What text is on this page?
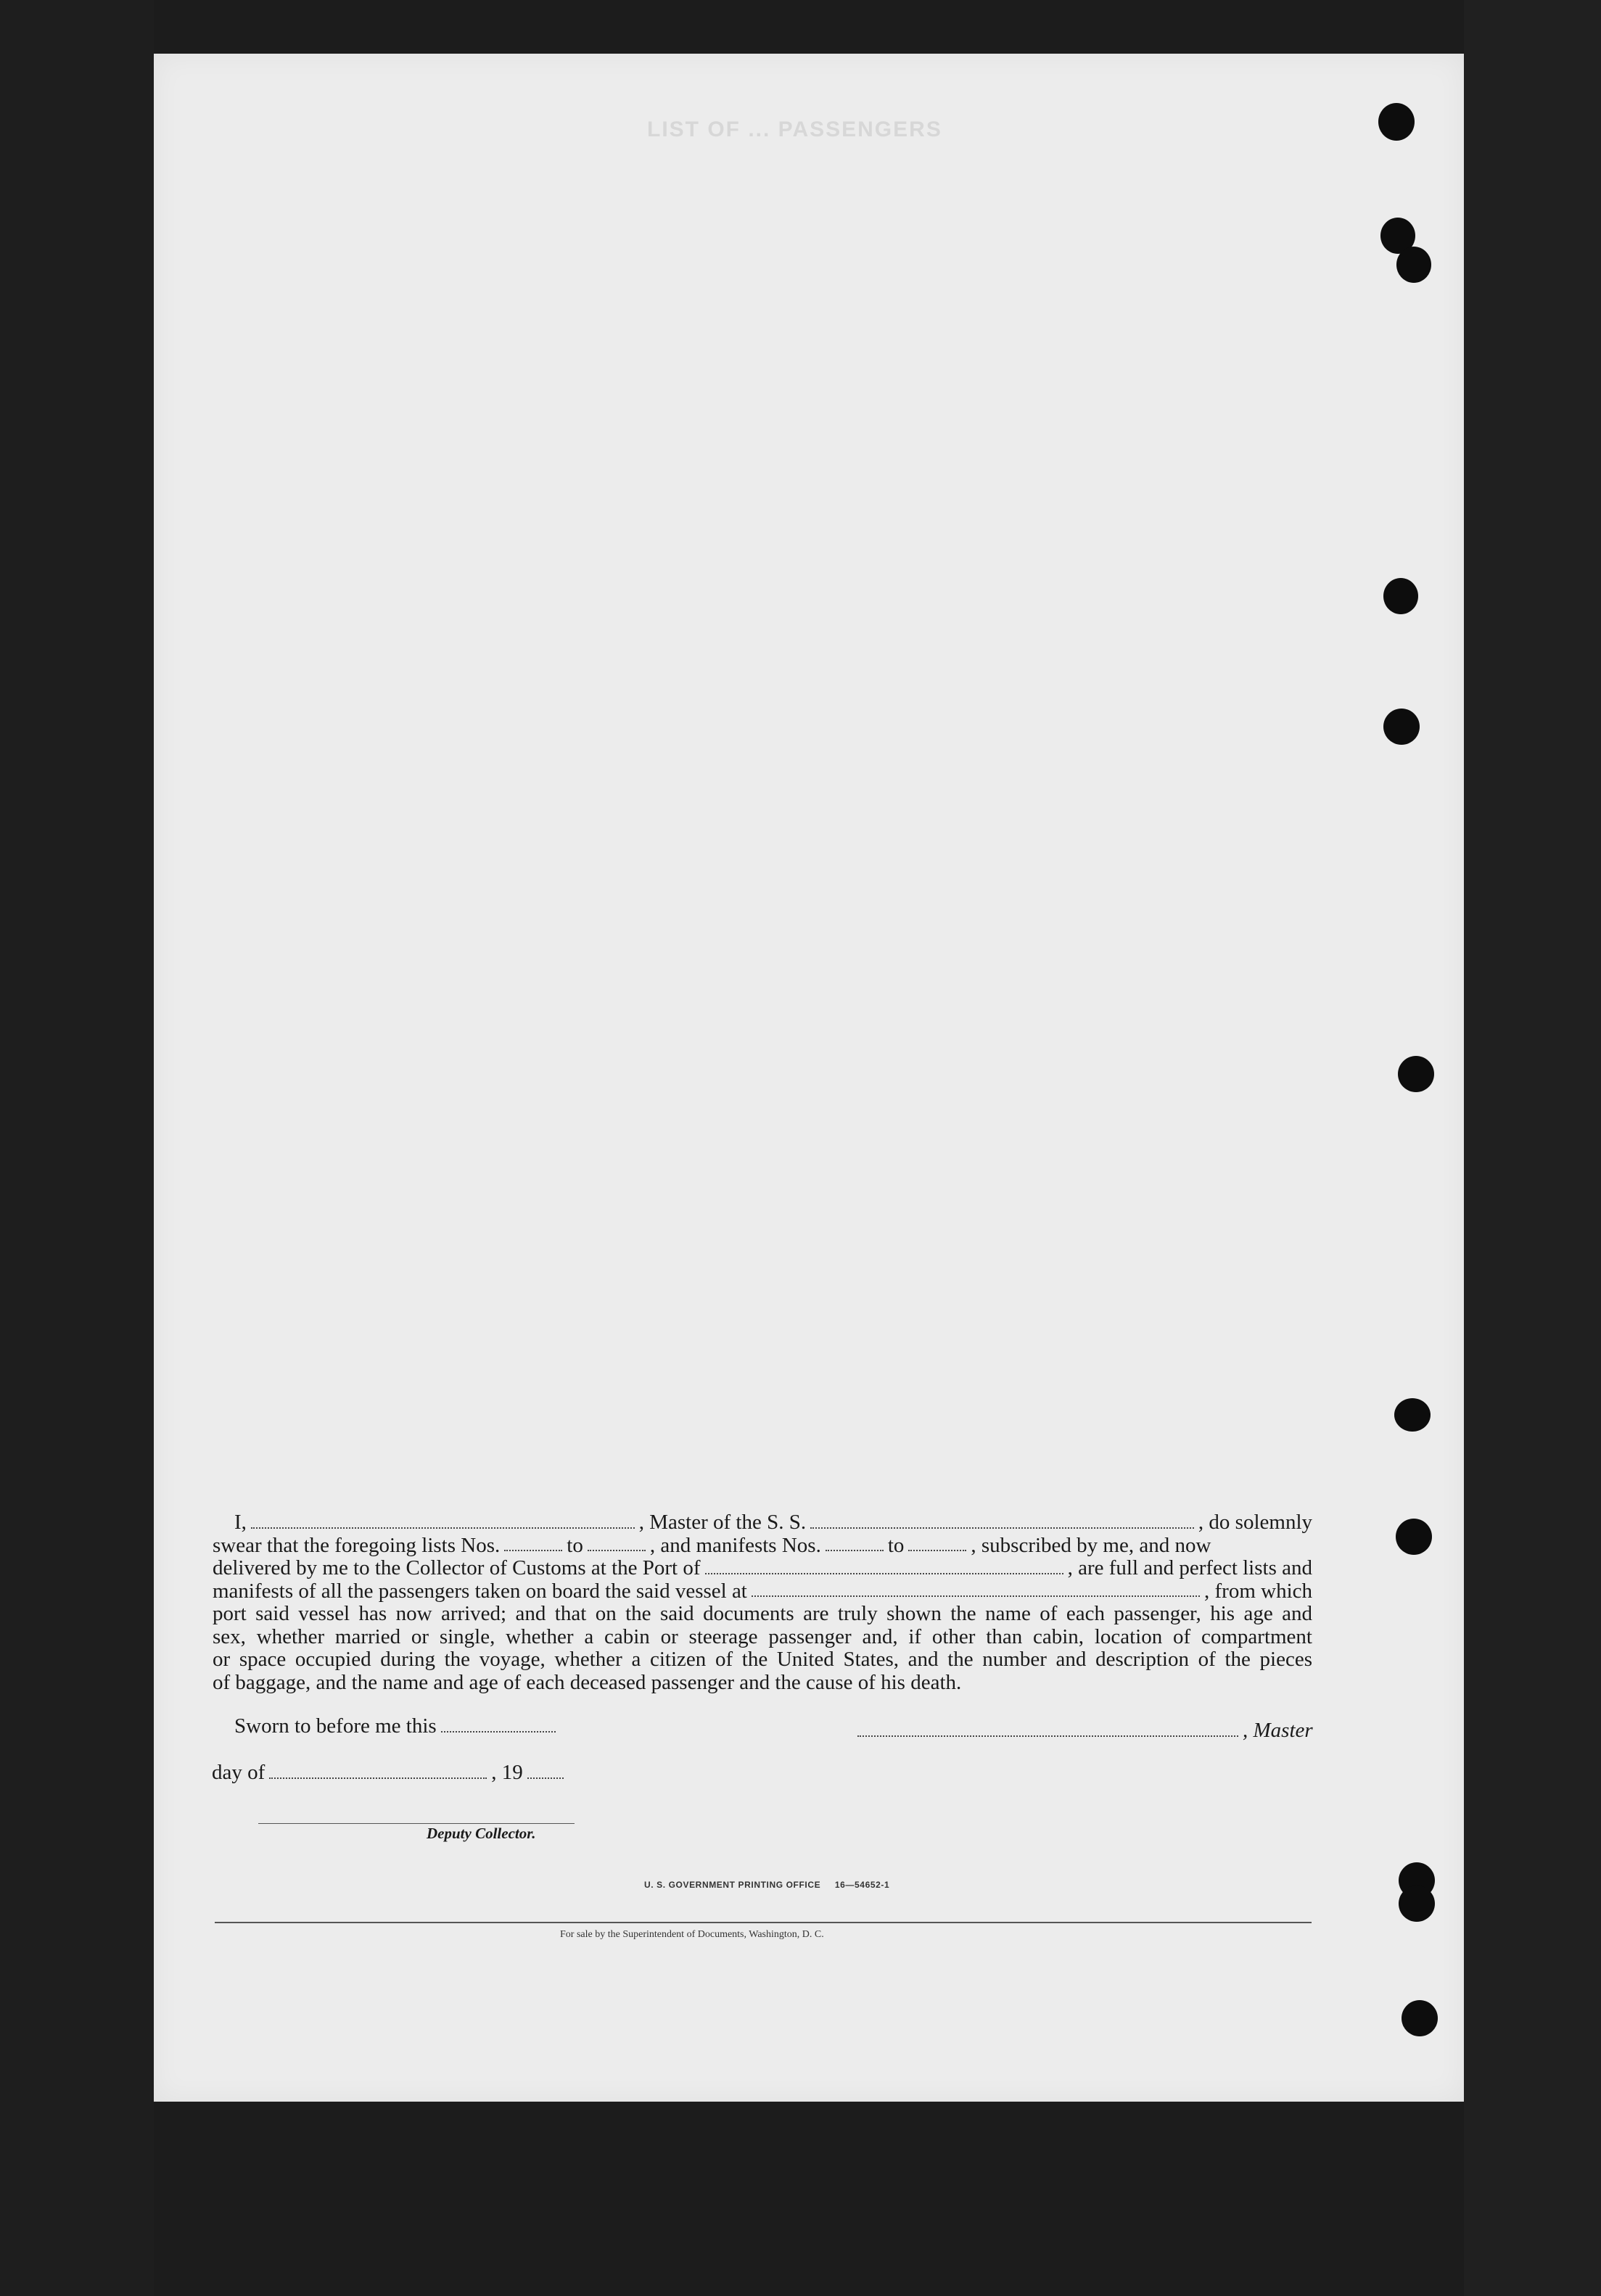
LIST OF ... PASSENGERS
I,	, Master of the S. S.	, do solemnly
swear that the foregoing lists Nos.	to	, and manifests Nos.	to	, subscribed by me, and now
delivered by me to the Collector of Customs at the Port of	, are full and perfect lists and
manifests of all the passengers taken on board the said vessel at	, from which
port said vessel has now arrived; and that on the said documents are truly shown the name of each passenger, his age and
sex, whether married or single, whether a cabin or steerage passenger and, if other than cabin, location of compartment
or space occupied during the voyage, whether a citizen of the United States, and the number and description of the pieces
of baggage, and the name and age of each deceased passenger and the cause of his death.
Sworn to before me this	, Master
day of	, 19
Deputy Collector.
U. S. GOVERNMENT PRINTING OFFICE     16—54652-1
For sale by the Superintendent of Documents, Washington, D. C.
